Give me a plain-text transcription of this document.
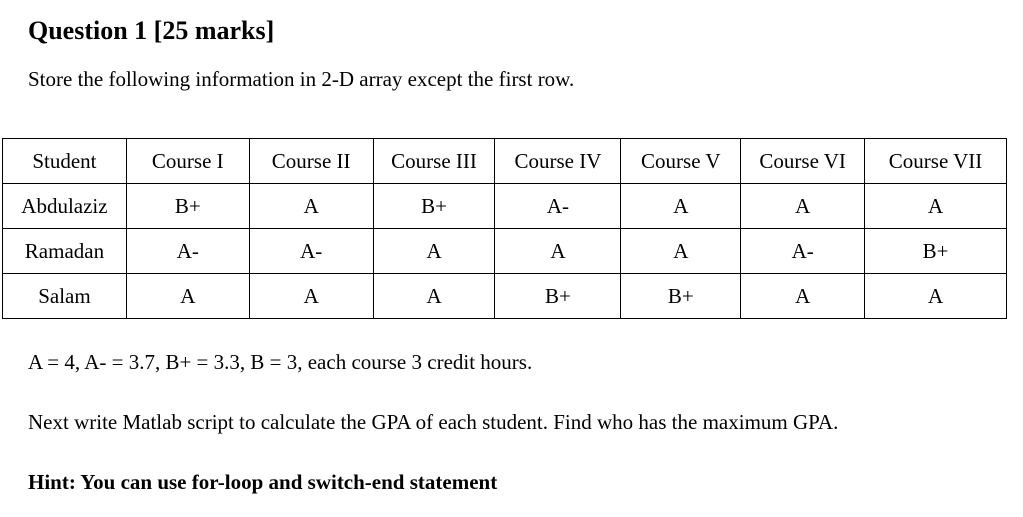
Question 1 [25 marks]
Store the following information in 2-D array except the first row.
Student	Course I	Course II	Course III	Course IV	Course V	Course VI	Course VII
Abdulaziz	B+	A	B+	A-	A	A	A
Ramadan	A-	A-	A	A	A	A-	B+
Salam	A	A	A	B+	B+	A	A
A = 4, A- = 3.7, B+ = 3.3, B = 3, each course 3 credit hours.
Next write Matlab script to calculate the GPA of each student. Find who has the maximum GPA.
Hint: You can use for-loop and switch-end statement
